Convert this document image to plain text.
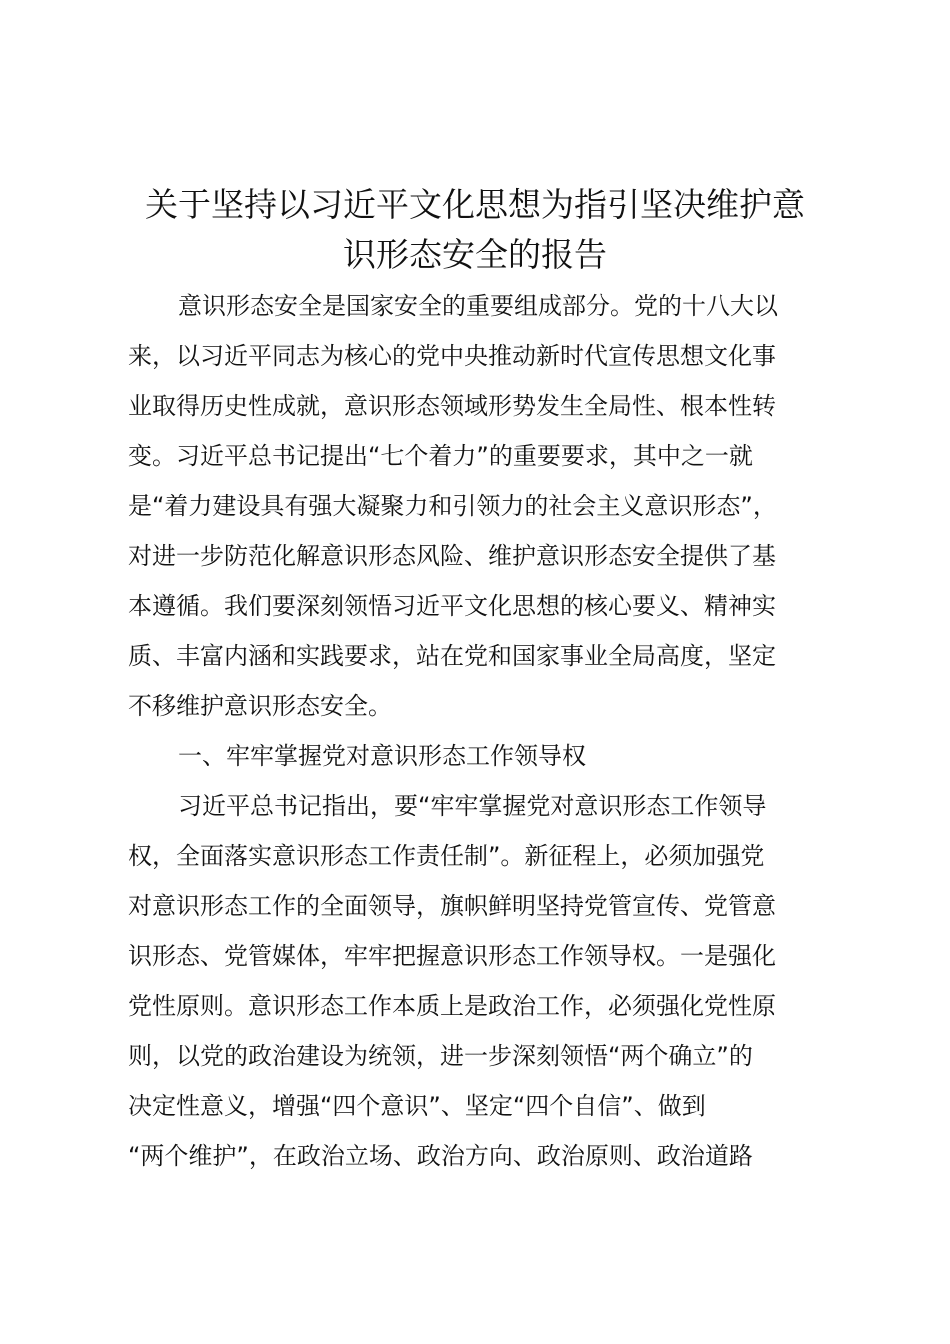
关于坚持以习近平文化思想为指引坚决维护意
识形态安全的报告
意识形态安全是国家安全的重要组成部分。党的十八大以
来，以习近平同志为核心的党中央推动新时代宣传思想文化事
业取得历史性成就，意识形态领域形势发生全局性、根本性转
变。习近平总书记提出“七个着力”的重要要求，其中之一就
是“着力建设具有强大凝聚力和引领力的社会主义意识形态”，
对进一步防范化解意识形态风险、维护意识形态安全提供了基
本遵循。我们要深刻领悟习近平文化思想的核心要义、精神实
质、丰富内涵和实践要求，站在党和国家事业全局高度，坚定
不移维护意识形态安全。
一、牢牢掌握党对意识形态工作领导权
习近平总书记指出，要“牢牢掌握党对意识形态工作领导
权，全面落实意识形态工作责任制”。新征程上，必须加强党
对意识形态工作的全面领导，旗帜鲜明坚持党管宣传、党管意
识形态、党管媒体，牢牢把握意识形态工作领导权。一是强化
党性原则。意识形态工作本质上是政治工作，必须强化党性原
则，以党的政治建设为统领，进一步深刻领悟“两个确立”的
决定性意义，增强“四个意识”、坚定“四个自信”、做到
“两个维护”，在政治立场、政治方向、政治原则、政治道路
